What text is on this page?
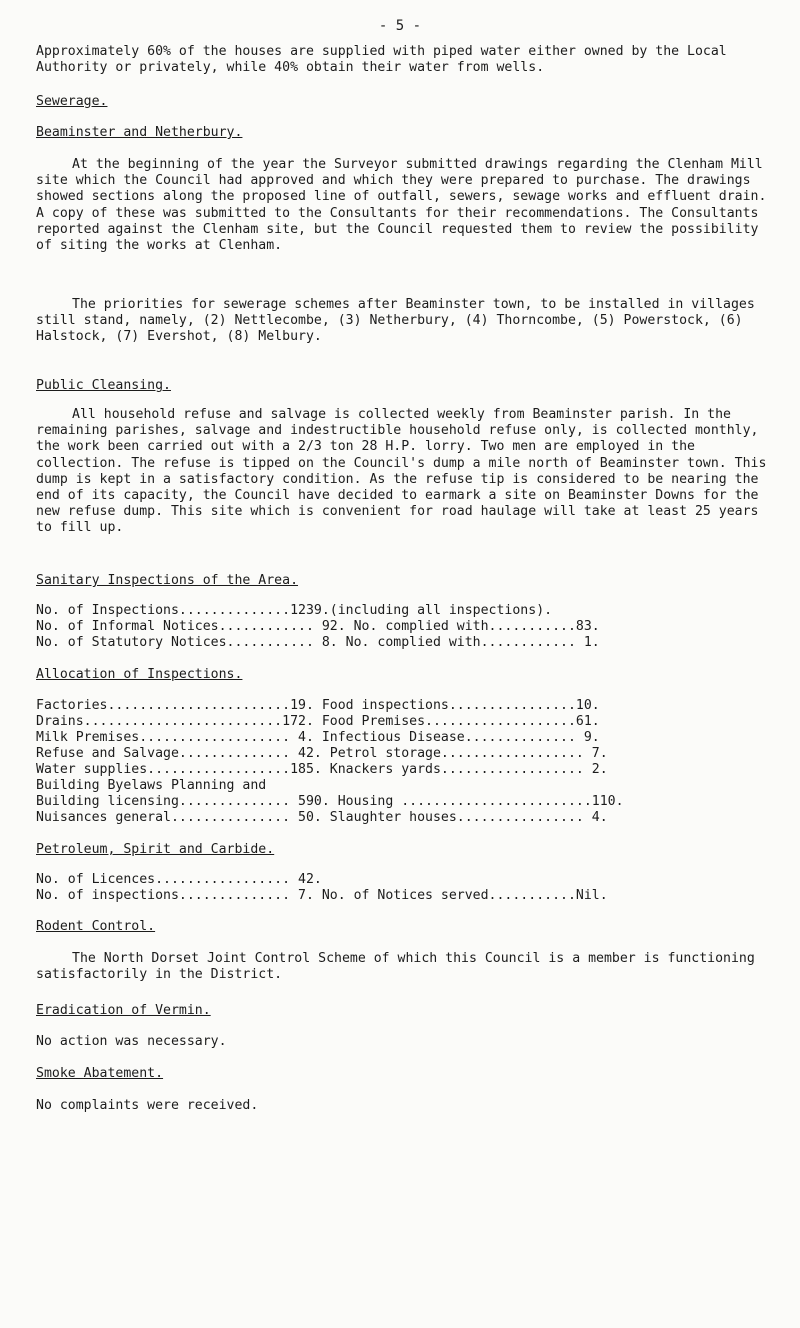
- 5 -
Approximately 60% of the houses are supplied with piped water either owned by the Local Authority or privately, while 40% obtain their water from wells.
Sewerage.
Beaminster and Netherbury.
At the beginning of the year the Surveyor submitted drawings regarding the Clenham Mill site which the Council had approved and which they were prepared to purchase. The drawings showed sections along the proposed line of outfall, sewers, sewage works and effluent drain. A copy of these was submitted to the Consultants for their recommendations. The Consultants reported against the Clenham site, but the Council requested them to review the possibility of siting the works at Clenham.
The priorities for sewerage schemes after Beaminster town, to be installed in villages still stand, namely, (2) Nettlecombe, (3) Netherbury, (4) Thorncombe, (5) Powerstock, (6) Halstock, (7) Evershot, (8) Melbury.
Public Cleansing.
All household refuse and salvage is collected weekly from Beaminster parish. In the remaining parishes, salvage and indestructible household refuse only, is collected monthly, the work been carried out with a 2/3 ton 28 H.P. lorry. Two men are employed in the collection. The refuse is tipped on the Council's dump a mile north of Beaminster town. This dump is kept in a satisfactory condition. As the refuse tip is considered to be nearing the end of its capacity, the Council have decided to earmark a site on Beaminster Downs for the new refuse dump. This site which is convenient for road haulage will take at least 25 years to fill up.
Sanitary Inspections of the Area.
No. of Inspections..............1239.(including all inspections).
No. of Informal Notices............ 92. No. complied with...........83.
No. of Statutory Notices........... 8. No. complied with............ 1.
Allocation of Inspections.
Factories.......................19. Food inspections................10.
Drains.........................172. Food Premises...................61.
Milk Premises................... 4. Infectious Disease.............. 9.
Refuse and Salvage.............. 42. Petrol storage.................. 7.
Water supplies..................185. Knackers yards.................. 2.
Building Byelaws Planning and
Building licensing.............. 590. Housing ........................110.
Nuisances general............... 50. Slaughter houses................ 4.
Petroleum, Spirit and Carbide.
No. of Licences................. 42.
No. of inspections.............. 7. No. of Notices served...........Nil.
Rodent Control.
The North Dorset Joint Control Scheme of which this Council is a member is functioning satisfactorily in the District.
Eradication of Vermin.
No action was necessary.
Smoke Abatement.
No complaints were received.
